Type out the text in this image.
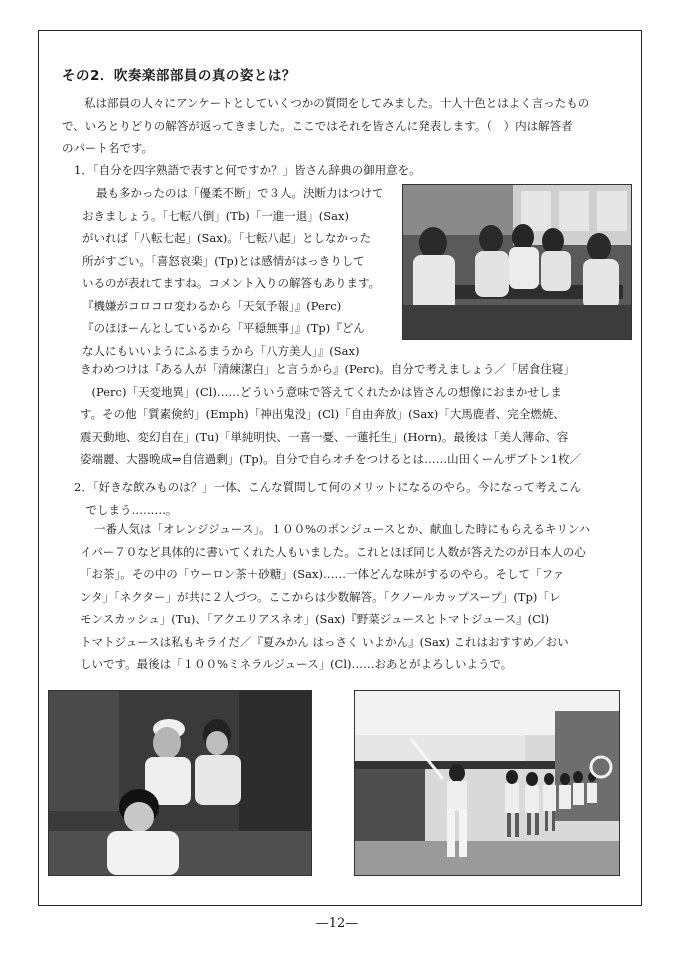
その2．吹奏楽部部員の真の姿とは？
私は部員の人々にアンケートとしていくつかの質問をしてみました。十人十色とはよく言ったもの
で、いろとりどりの解答が返ってきました。ここではそれを皆さんに発表します。（　）内は解答者
のパート名です。
1．「自分を四字熟語で表すと何ですか？」皆さん辞典の御用意を。
最も多かったのは「優柔不断」で３人。決断力はつけて
おきましょう。「七転八倒」(Tb)「一進一退」(Sax)
がいれば「八転七起」(Sax)。「七転八起」としなかった
所がすごい。「喜怒哀楽」(Tp)とは感情がはっきりして
いるのが表れてますね。コメント入りの解答もあります。
『機嫌がコロコロ変わるから「天気予報」』(Perc)
『のほほーんとしているから「平穏無事」』(Tp)『どん
な人にもいいようにふるまうから「八方美人」』(Sax)
きわめつけは『ある人が「清練潔白」と言うから』(Perc)。自分で考えましょう／「居食住寝」
　(Perc)「天変地異」(Cl)……どういう意味で答えてくれたかは皆さんの想像におまかせしま
す。その他「質素倹約」(Emph)「神出鬼没」(Cl)「自由奔放」(Sax)「大馬鹿者、完全燃焼、
震天動地、変幻自在」(Tu)「単純明快、一喜一憂、一蓮托生」(Horn)。最後は「美人薄命、容
姿端麗、大器晩成⇒自信過剰」(Tp)。自分で自らオチをつけるとは……山田くーんザブトン1枚／
2．「好きな飲みものは？」一体、こんな質問して何のメリットになるのやら。今になって考えこん
　でしまう………。
一番人気は「オレンジジュース」。１００%のポンジュースとか、献血した時にもらえるキリンハ
イパー７０など具体的に書いてくれた人もいました。これとほぼ同じ人数が答えたのが日本人の心
「お茶」。その中の「ウーロン茶＋砂糖」(Sax)……一体どんな味がするのやら。そして「ファ
ンタ」「ネクター」が共に２人づつ。ここからは少数解答。「クノールカップスープ」(Tp)「レ
モンスカッシュ」(Tu)、「アクエリアスネオ」(Sax)『野菜ジュースとトマトジュース』(Cl)
トマトジュースは私もキライだ／『夏みかん はっさく いよかん』(Sax) これはおすすめ／おい
しいです。最後は「１００%ミネラルジュース」(Cl)……おあとがよろしいようで。
—12—
